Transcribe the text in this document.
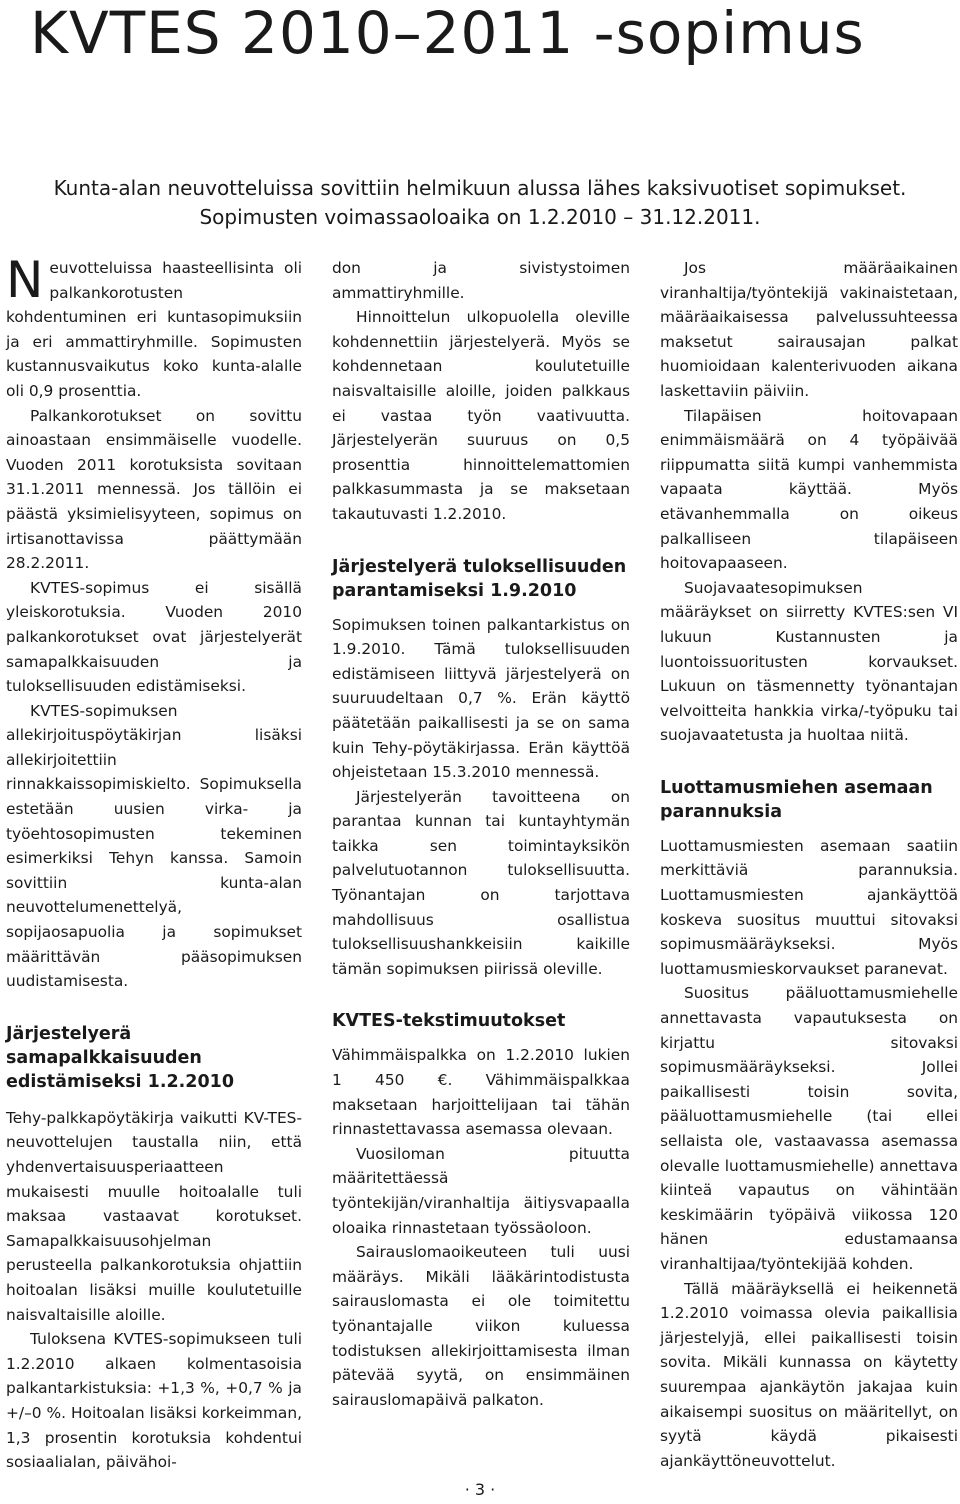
KVTES 2010–2011 -sopimus
Kunta-alan neuvotteluissa sovittiin helmikuun alussa lähes kaksivuotiset sopimukset.
Sopimusten voimassaoloaika on 1.2.2010 – 31.12.2011.

Neuvotteluissa haasteellisinta oli palkankorotusten kohdentuminen eri kuntasopimuksiin ja eri ammattiryhmille. Sopimusten kustannusvaikutus koko kunta-alalle oli 0,9 prosenttia.

Palkankorotukset on sovittu ainoastaan ensimmäiselle vuodelle. Vuoden 2011 korotuksista sovitaan 31.1.2011 mennessä. Jos tällöin ei päästä yksimielisyyteen, sopimus on irtisanottavissa päättymään 28.2.2011.

KVTES-sopimus ei sisällä yleiskorotuksia. Vuoden 2010 palkankorotukset ovat järjestelyerät samapalkkaisuuden ja tuloksellisuuden edistämiseksi.

KVTES-sopimuksen allekirjoituspöytäkirjan lisäksi allekirjoitettiin rinnakkaissopimiskielto. Sopimuksella estetään uusien virka- ja työehtosopimusten tekeminen esimerkiksi Tehyn kanssa. Samoin sovittiin kunta-alan neuvottelumenettelyä, sopijaosapuolia ja sopimukset määrittävän pääsopimuksen uudistamisesta.

Järjestelyerä samapalkkaisuuden edistämiseksi 1.2.2010

Tehy-palkkapöytäkirja vaikutti KV-TES-neuvottelujen taustalla niin, että yhdenvertaisuusperiaatteen mukaisesti muulle hoitoalalle tuli maksaa vastaavat korotukset. Samapalkkaisuusohjelman perusteella palkankorotuksia ohjattiin hoitoalan lisäksi muille koulutetuille naisvaltaisille aloille.

Tuloksena KVTES-sopimukseen tuli 1.2.2010 alkaen kolmentasoisia palkantarkistuksia: +1,3 %, +0,7 % ja +/–0 %. Hoitoalan lisäksi korkeimman, 1,3 prosentin korotuksia kohdentui sosiaalialan, päivähoi-

don ja sivistystoimen ammattiryhmille.

Hinnoittelun ulkopuolella oleville kohdennettiin järjestelyerä. Myös se kohdennetaan koulutetuille naisvaltaisille aloille, joiden palkkaus ei vastaa työn vaativuutta. Järjestelyerän suuruus on 0,5 prosenttia hinnoittelemattomien palkkasummasta ja se maksetaan takautuvasti 1.2.2010.

Järjestelyerä tuloksellisuuden parantamiseksi 1.9.2010

Sopimuksen toinen palkantarkistus on 1.9.2010. Tämä tuloksellisuuden edistämiseen liittyvä järjestelyerä on suuruudeltaan 0,7 %. Erän käyttö päätetään paikallisesti ja se on sama kuin Tehy-pöytäkirjassa. Erän käyttöä ohjeistetaan 15.3.2010 mennessä.

Järjestelyerän tavoitteena on parantaa kunnan tai kuntayhtymän taikka sen toimintayksikön palvelutuotannon tuloksellisuutta. Työnantajan on tarjottava mahdollisuus osallistua tuloksellisuushankkeisiin kaikille tämän sopimuksen piirissä oleville.

KVTES-tekstimuutokset

Vähimmäispalkka on 1.2.2010 lukien 1 450 €. Vähimmäispalkkaa maksetaan harjoittelijaan tai tähän rinnastettavassa asemassa olevaan.

Vuosiloman pituutta määritettäessä työntekijän/viranhaltija äitiysvapaalla oloaika rinnastetaan työssäoloon.

Sairauslomaoikeuteen tuli uusi määräys. Mikäli lääkärintodistusta sairauslomasta ei ole toimitettu työnantajalle viikon kuluessa todistuksen allekirjoittamisesta ilman pätevää syytä, on ensimmäinen sairauslomapäivä palkaton.

Jos määräaikainen viranhaltija/työntekijä vakinaistetaan, määräaikaisessa palvelussuhteessa maksetut sairausajan palkat huomioidaan kalenterivuoden aikana laskettaviin päiviin.

Tilapäisen hoitovapaan enimmäismäärä on 4 työpäivää riippumatta siitä kumpi vanhemmista vapaata käyttää. Myös etävanhemmalla on oikeus palkalliseen tilapäiseen hoitovapaaseen.

Suojavaatesopimuksen määräykset on siirretty KVTES:sen VI lukuun Kustannusten ja luontoissuoritusten korvaukset. Lukuun on täsmennetty työnantajan velvoitteita hankkia virka/-työpuku tai suojavaatetusta ja huoltaa niitä.

Luottamusmiehen asemaan parannuksia

Luottamusmiesten asemaan saatiin merkittäviä parannuksia. Luottamusmiesten ajankäyttöä koskeva suositus muuttui sitovaksi sopimusmääräykseksi. Myös luottamusmieskorvaukset paranevat.

Suositus pääluottamusmiehelle annettavasta vapautuksesta on kirjattu sitovaksi sopimusmääräykseksi. Jollei paikallisesti toisin sovita, pääluottamusmiehelle (tai ellei sellaista ole, vastaavassa asemassa olevalle luottamusmiehelle) annettava kiinteä vapautus on vähintään keskimäärin työpäivä viikossa 120 hänen edustamaansa viranhaltijaa/työntekijää kohden.

Tällä määräyksellä ei heikennetä 1.2.2010 voimassa olevia paikallisia järjestelyjä, ellei paikallisesti toisin sovita. Mikäli kunnassa on käytetty suurempaa ajankäytön jakajaa kuin aikaisempi suositus on määritellyt, on syytä käydä pikaisesti ajankäyttöneuvottelut.

· 3 ·
